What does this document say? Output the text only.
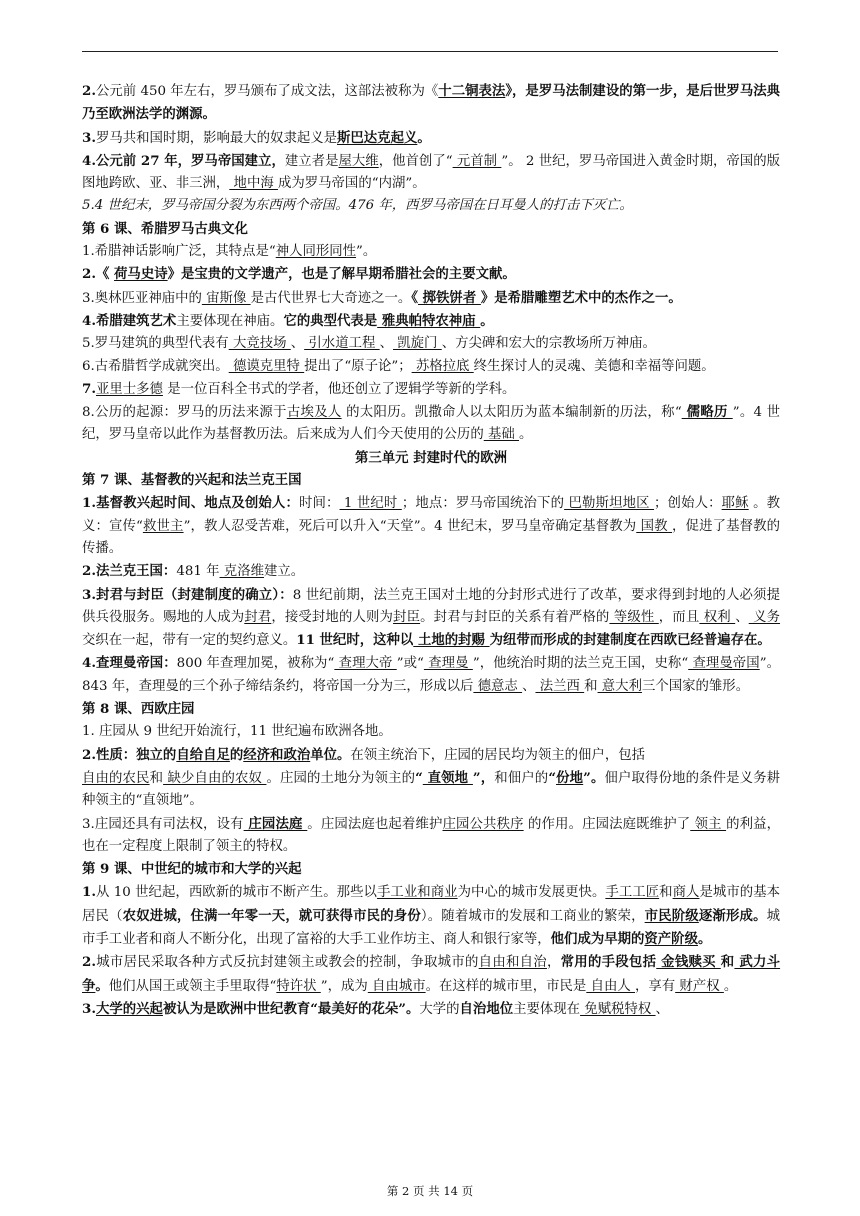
2.公元前 450 年左右，罗马颁布了成文法，这部法被称为《十二铜表法》，是罗马法制建设的第一步，是后世罗马法典乃至欧洲法学的渊源。

3.罗马共和国时期，影响最大的奴隶起义是斯巴达克起义。

4.公元前 27 年，罗马帝国建立，建立者是屋大维，他首创了“ 元首制 ”。 2 世纪，罗马帝国进入黄金时期，帝国的版图地跨欧、亚、非三洲， 地中海 成为罗马帝国的“内湖”。

5.4 世纪末，罗马帝国分裂为东西两个帝国。476 年，西罗马帝国在日耳曼人的打击下灭亡。

第 6 课、希腊罗马古典文化

1.希腊神话影响广泛，其特点是“神人同形同性”。

2.《 荷马史诗》是宝贵的文学遗产，也是了解早期希腊社会的主要文献。

3.奥林匹亚神庙中的 宙斯像 是古代世界七大奇迹之一。《 掷铁饼者 》是希腊雕塑艺术中的杰作之一。

4.希腊建筑艺术主要体现在神庙。它的典型代表是 雅典帕特农神庙 。

5.罗马建筑的典型代表有 大竞技场 、 引水道工程 、 凯旋门 、方尖碑和宏大的宗教场所万神庙。

6.古希腊哲学成就突出。 德谟克里特 提出了“原子论”； 苏格拉底 终生探讨人的灵魂、美德和幸福等问题。

7.亚里士多德 是一位百科全书式的学者，他还创立了逻辑学等新的学科。

8.公历的起源：罗马的历法来源于古埃及人 的太阳历。凯撒命人以太阳历为蓝本编制新的历法，称“ 儒略历 ”。4 世纪，罗马皇帝以此作为基督教历法。后来成为人们今天使用的公历的 基础 。

第三单元 封建时代的欧洲

第 7 课、基督教的兴起和法兰克王国

1.基督教兴起时间、地点及创始人：时间： 1 世纪时 ；地点：罗马帝国统治下的 巴勒斯坦地区 ；创始人：耶稣 。教义：宣传“救世主”，教人忍受苦难，死后可以升入“天堂”。4 世纪末，罗马皇帝确定基督教为 国教 ，促进了基督教的传播。

2.法兰克王国：481 年 克洛维建立。

3.封君与封臣（封建制度的确立）：8 世纪前期，法兰克王国对土地的分封形式进行了改革，要求得到封地的人必须提供兵役服务。赐地的人成为封君，接受封地的人则为封臣。封君与封臣的关系有着严格的 等级性 ，而且 权利 、 义务 交织在一起，带有一定的契约意义。11 世纪时，这种以 土地的封赐 为纽带而形成的封建制度在西欧已经普遍存在。

4.查理曼帝国：800 年查理加冕，被称为“ 查理大帝 ”或“ 查理曼 ”，他统治时期的法兰克王国，史称“ 查理曼帝国”。843 年，查理曼的三个孙子缔结条约，将帝国一分为三，形成以后 德意志 、 法兰西 和 意大利三个国家的雏形。

第 8 课、西欧庄园

1. 庄园从 9 世纪开始流行，11 世纪遍布欧洲各地。

2.性质：独立的自给自足的经济和政治单位。在领主统治下，庄园的居民均为领主的佃户，包括
自由的农民和 缺少自由的农奴 。庄园的土地分为领主的“ 直领地 ”，和佃户的“份地”。佃户取得份地的条件是义务耕种领主的“直领地”。

3.庄园还具有司法权，设有 庄园法庭 。庄园法庭也起着维护庄园公共秩序 的作用。庄园法庭既维护了 领主 的利益，也在一定程度上限制了领主的特权。

第 9 课、中世纪的城市和大学的兴起

1.从 10 世纪起，西欧新的城市不断产生。那些以手工业和商业为中心的城市发展更快。手工工匠和商人是城市的基本居民（农奴进城，住满一年零一天，就可获得市民的身份）。随着城市的发展和工商业的繁荣，市民阶级逐渐形成。城市手工业者和商人不断分化，出现了富裕的大手工业作坊主、商人和银行家等，他们成为早期的资产阶级。

2.城市居民采取各种方式反抗封建领主或教会的控制，争取城市的自由和自治，常用的手段包括 金钱赎买 和 武力斗争。他们从国王或领主手里取得“特许状 ”，成为 自由城市。在这样的城市里，市民是 自由人 ，享有 财产权 。

3.大学的兴起被认为是欧洲中世纪教育“最美好的花朵”。大学的自治地位主要体现在 免赋税特权 、

第 2 页 共 14 页
